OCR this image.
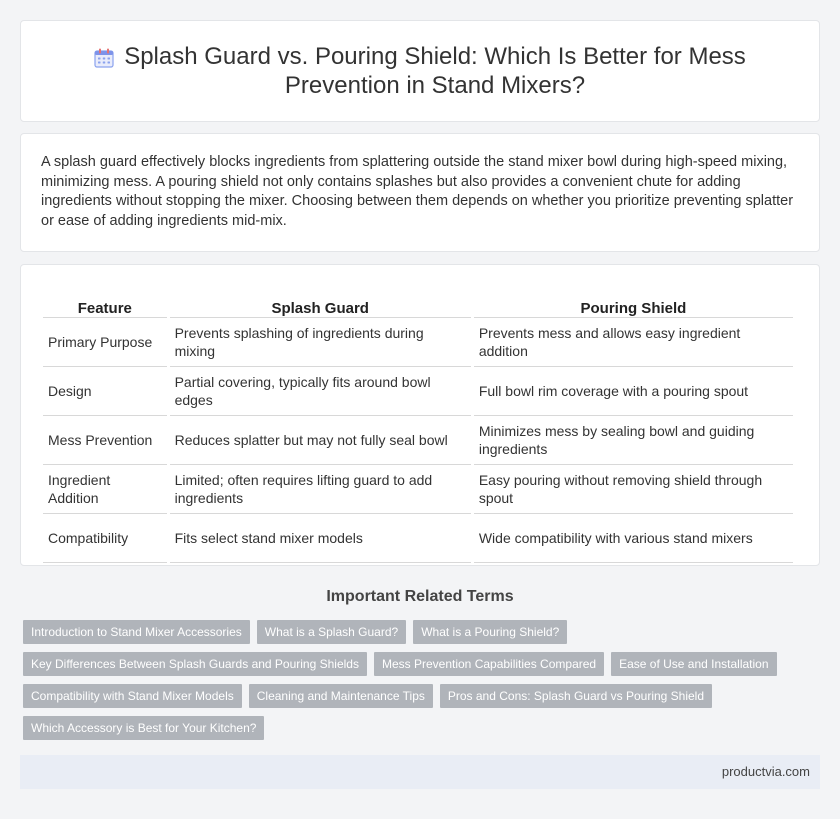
Splash Guard vs. Pouring Shield: Which Is Better for Mess Prevention in Stand Mixers?

A splash guard effectively blocks ingredients from splattering outside the stand mixer bowl during high-speed mixing, minimizing mess. A pouring shield not only contains splashes but also provides a convenient chute for adding ingredients without stopping the mixer. Choosing between them depends on whether you prioritize preventing splatter or ease of adding ingredients mid-mix.

Feature	Splash Guard	Pouring Shield
Primary Purpose	Prevents splashing of ingredients during mixing	Prevents mess and allows easy ingredient addition
Design	Partial covering, typically fits around bowl edges	Full bowl rim coverage with a pouring spout
Mess Prevention	Reduces splatter but may not fully seal bowl	Minimizes mess by sealing bowl and guiding ingredients
Ingredient Addition	Limited; often requires lifting guard to add ingredients	Easy pouring without removing shield through spout
Compatibility	Fits select stand mixer models	Wide compatibility with various stand mixers
Important Related Terms
Introduction to Stand Mixer Accessories	What is a Splash Guard?	What is a Pouring Shield?
Key Differences Between Splash Guards and Pouring Shields	Mess Prevention Capabilities Compared	Ease of Use and Installation
Compatibility with Stand Mixer Models	Cleaning and Maintenance Tips	Pros and Cons: Splash Guard vs Pouring Shield
Which Accessory is Best for Your Kitchen?
productvia.com
